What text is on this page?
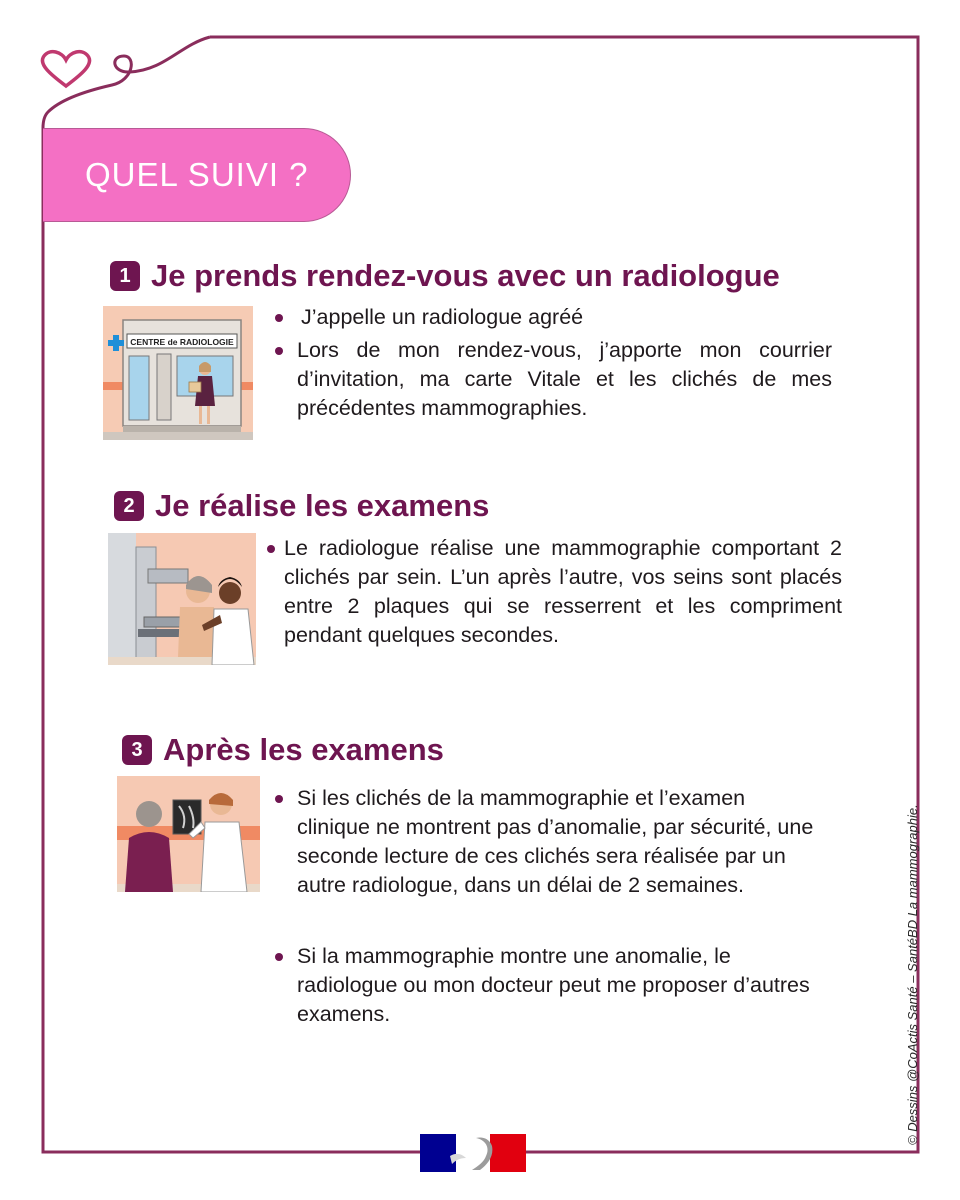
QUEL SUIVI ?
1 Je prends rendez-vous avec un radiologue
CENTRE de RADIOLOGIE
J’appelle un radiologue agréé
Lors de mon rendez-vous, j’apporte mon courrier d’invitation, ma carte Vitale et les clichés de mes précédentes mammographies.
2 Je réalise les examens
Le radiologue réalise une mammographie comportant 2 clichés par sein. L’un après l’autre, vos seins sont placés entre 2 plaques qui se resserrent et les compriment pendant quelques secondes.
3 Après les examens
Si les clichés de la mammographie et l’examen clinique ne montrent pas d’anomalie, par sécurité, une seconde lecture de ces clichés sera réalisée par un autre radiologue, dans un délai de 2 semaines.
Si la mammographie montre une anomalie, le radiologue ou mon docteur peut me proposer d’autres examens.	© Dessins @CoActis Santé – SantéBD La mammographie.
